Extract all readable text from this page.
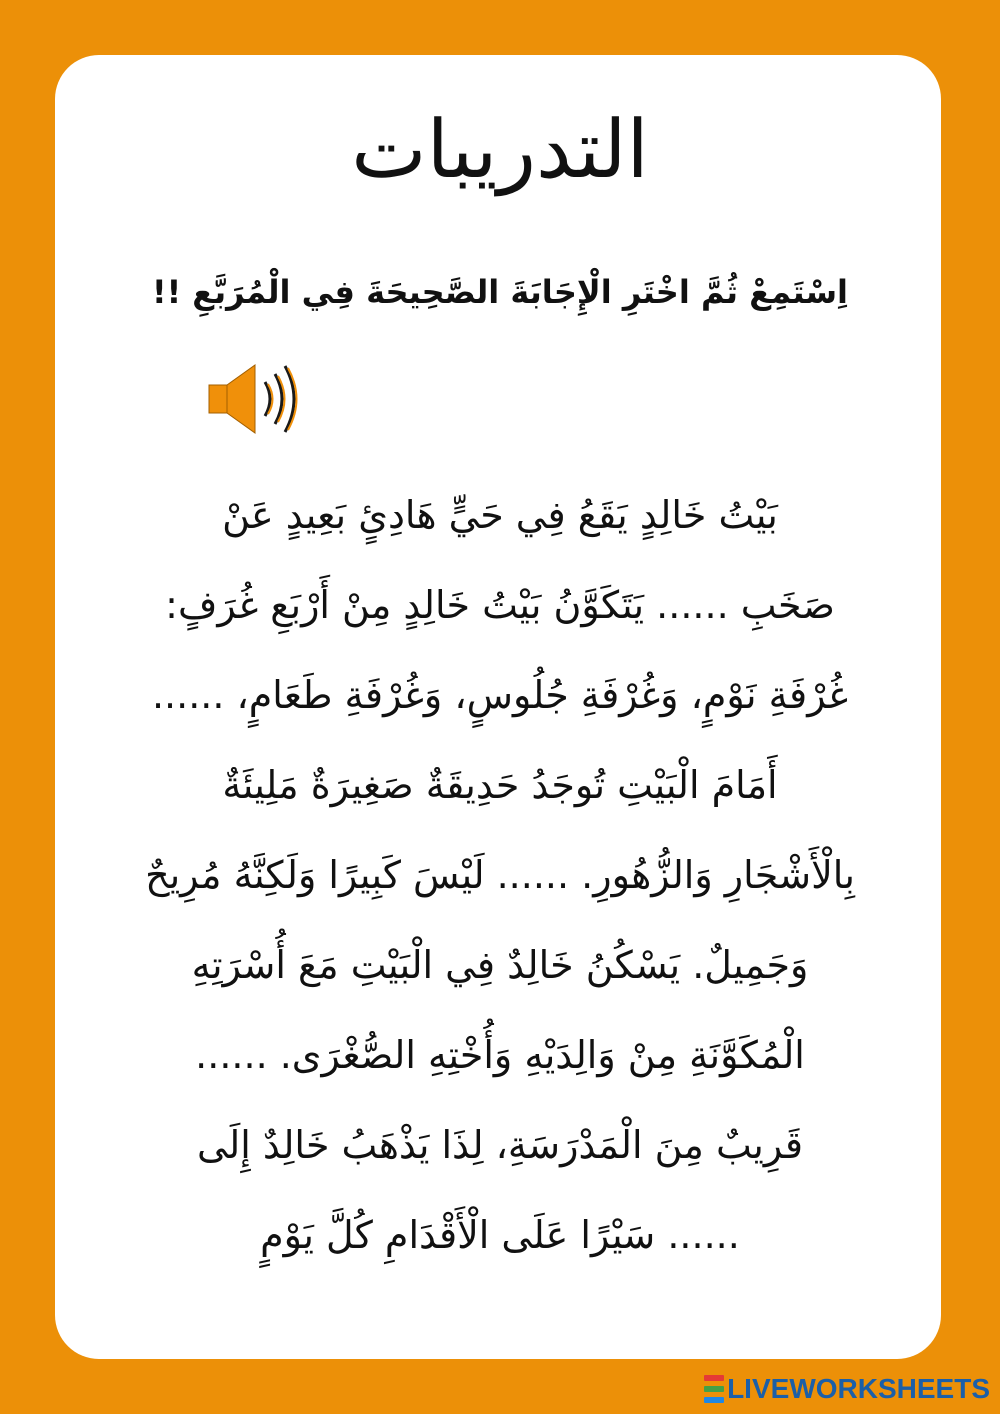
التدريبات
اِسْتَمِعْ ثُمَّ اخْتَرِ الْإِجَابَةَ الصَّحِيحَةَ فِي الْمُرَبَّعِ !!
بَيْتُ خَالِدٍ يَقَعُ فِي حَيٍّ هَادِئٍ بَعِيدٍ عَنْ
صَخَبِ ...... يَتَكَوَّنُ بَيْتُ خَالِدٍ مِنْ أَرْبَعِ غُرَفٍ:
غُرْفَةِ نَوْمٍ، وَغُرْفَةِ جُلُوسٍ، وَغُرْفَةِ طَعَامٍ، ......
أَمَامَ الْبَيْتِ تُوجَدُ حَدِيقَةٌ صَغِيرَةٌ مَلِيئَةٌ
بِالْأَشْجَارِ وَالزُّهُورِ. ...... لَيْسَ كَبِيرًا وَلَكِنَّهُ مُرِيحٌ
وَجَمِيلٌ. يَسْكُنُ خَالِدٌ فِي الْبَيْتِ مَعَ أُسْرَتِهِ
الْمُكَوَّنَةِ مِنْ وَالِدَيْهِ وَأُخْتِهِ الصُّغْرَى. ......
قَرِيبٌ مِنَ الْمَدْرَسَةِ، لِذَا يَذْهَبُ خَالِدٌ إِلَى
...... سَيْرًا عَلَى الْأَقْدَامِ كُلَّ يَوْمٍ
LIVEWORKSHEETS
